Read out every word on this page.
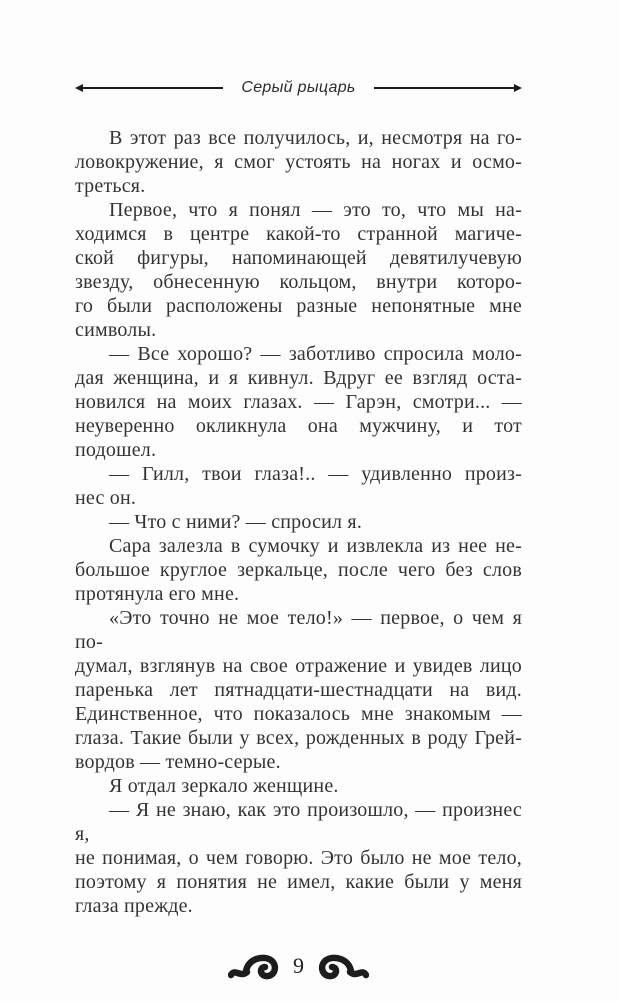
Серый рыцарь
В этот раз все получилось, и, несмотря на го-
ловокружение, я смог устоять на ногах и осмо-
треться.
Первое, что я понял — это то, что мы на-
ходимся в центре какой-то странной магиче-
ской фигуры, напоминающей девятилучевую
звезду, обнесенную кольцом, внутри которо-
го были расположены разные непонятные мне
символы.
— Все хорошо? — заботливо спросила моло-
дая женщина, и я кивнул. Вдруг ее взгляд оста-
новился на моих глазах. — Гарэн, смотри... —
неуверенно окликнула она мужчину, и тот
подошел.
— Гилл, твои глаза!.. — удивленно произ-
нес он.
— Что с ними? — спросил я.
Сара залезла в сумочку и извлекла из нее не-
большое круглое зеркальце, после чего без слов
протянула его мне.
«Это точно не мое тело!» — первое, о чем я по-
думал, взглянув на свое отражение и увидев лицо
паренька лет пятнадцати-шестнадцати на вид.
Единственное, что показалось мне знакомым —
глаза. Такие были у всех, рожденных в роду Грей-
вордов — темно-серые.
Я отдал зеркало женщине.
— Я не знаю, как это произошло, — произнес я,
не понимая, о чем говорю. Это было не мое тело,
поэтому я понятия не имел, какие были у меня
глаза прежде.
9
